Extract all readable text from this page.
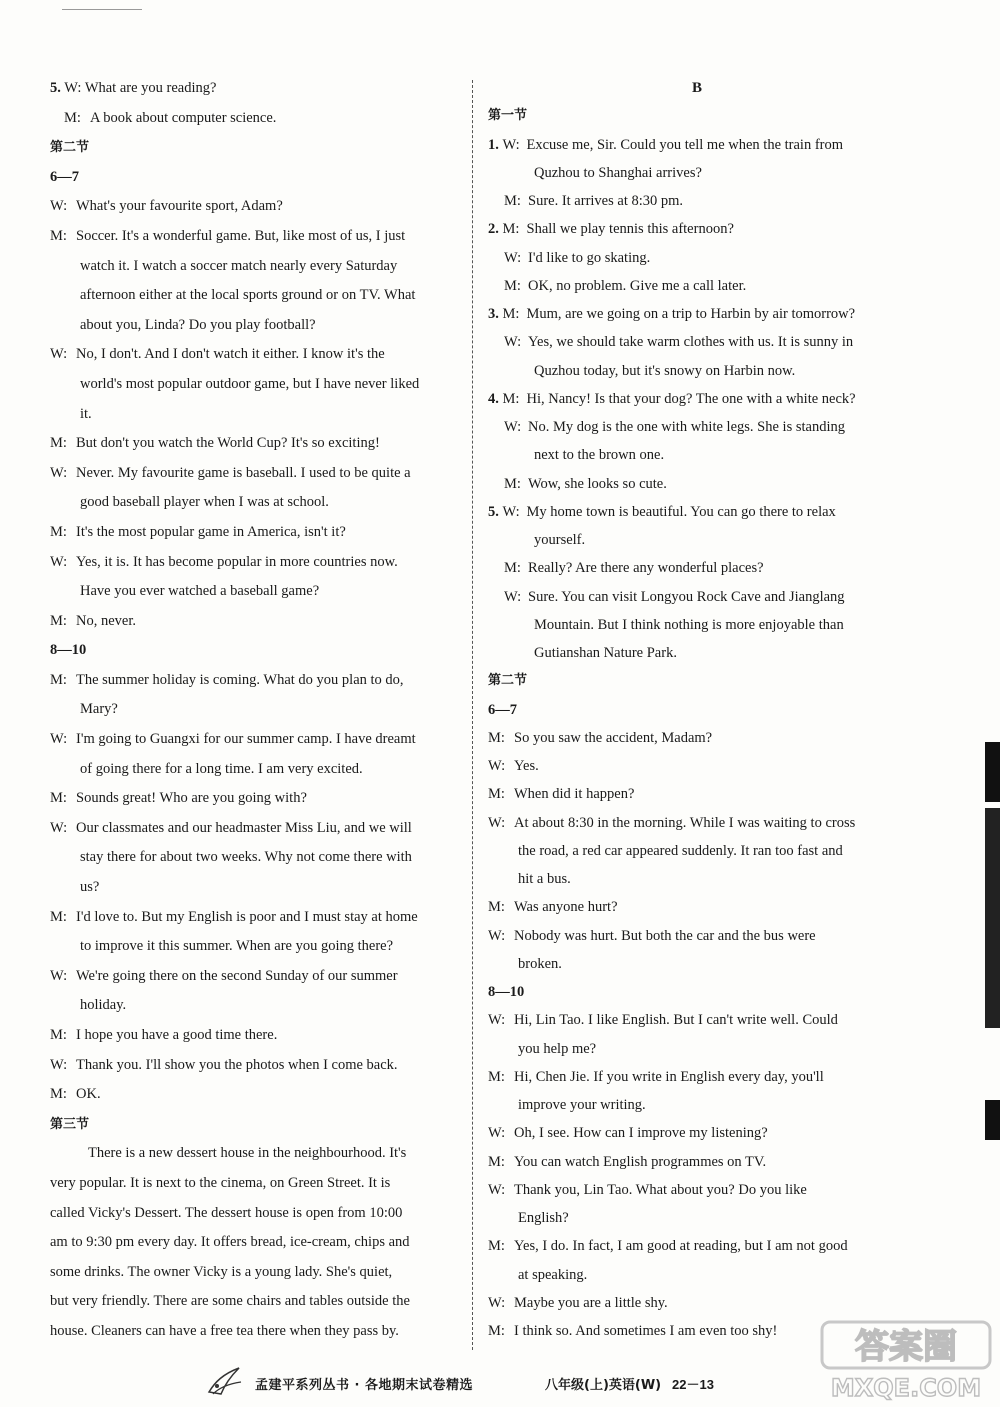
5. W: What are you reading?
M: A book about computer science.
第二节
6—7
W: What's your favourite sport, Adam?
M: Soccer. It's a wonderful game. But, like most of us, I just
watch it. I watch a soccer match nearly every Saturday
afternoon either at the local sports ground or on TV. What
about you, Linda? Do you play football?
W: No, I don't. And I don't watch it either. I know it's the
world's most popular outdoor game, but I have never liked
it.
M: But don't you watch the World Cup? It's so exciting!
W: Never. My favourite game is baseball. I used to be quite a
good baseball player when I was at school.
M: It's the most popular game in America, isn't it?
W: Yes, it is. It has become popular in more countries now.
Have you ever watched a baseball game?
M: No, never.
8—10
M: The summer holiday is coming. What do you plan to do,
Mary?
W: I'm going to Guangxi for our summer camp. I have dreamt
of going there for a long time. I am very excited.
M: Sounds great! Who are you going with?
W: Our classmates and our headmaster Miss Liu, and we will
stay there for about two weeks. Why not come there with
us?
M: I'd love to. But my English is poor and I must stay at home
to improve it this summer. When are you going there?
W: We're going there on the second Sunday of our summer
holiday.
M: I hope you have a good time there.
W: Thank you. I'll show you the photos when I come back.
M: OK.
第三节
There is a new dessert house in the neighbourhood. It's
very popular. It is next to the cinema, on Green Street. It is
called Vicky's Dessert. The dessert house is open from 10:00
am to 9:30 pm every day. It offers bread, ice-cream, chips and
some drinks. The owner Vicky is a young lady. She's quiet,
but very friendly. There are some chairs and tables outside the
house. Cleaners can have a free tea there when they pass by.
B
第一节
1. W: Excuse me, Sir. Could you tell me when the train from
Quzhou to Shanghai arrives?
M: Sure. It arrives at 8:30 pm.
2. M: Shall we play tennis this afternoon?
W: I'd like to go skating.
M: OK, no problem. Give me a call later.
3. M: Mum, are we going on a trip to Harbin by air tomorrow?
W: Yes, we should take warm clothes with us. It is sunny in
Quzhou today, but it's snowy on Harbin now.
4. M: Hi, Nancy! Is that your dog? The one with a white neck?
W: No. My dog is the one with white legs. She is standing
next to the brown one.
M: Wow, she looks so cute.
5. W: My home town is beautiful. You can go there to relax
yourself.
M: Really? Are there any wonderful places?
W: Sure. You can visit Longyou Rock Cave and Jianglang
Mountain. But I think nothing is more enjoyable than
Gutianshan Nature Park.
第二节
6—7
M: So you saw the accident, Madam?
W: Yes.
M: When did it happen?
W: At about 8:30 in the morning. While I was waiting to cross
the road, a red car appeared suddenly. It ran too fast and
hit a bus.
M: Was anyone hurt?
W: Nobody was hurt. But both the car and the bus were
broken.
8—10
W: Hi, Lin Tao. I like English. But I can't write well. Could
you help me?
M: Hi, Chen Jie. If you write in English every day, you'll
improve your writing.
W: Oh, I see. How can I improve my listening?
M: You can watch English programmes on TV.
W: Thank you, Lin Tao. What about you? Do you like
English?
M: Yes, I do. In fact, I am good at reading, but I am not good
at speaking.
W: Maybe you are a little shy.
M: I think so. And sometimes I am even too shy!
孟建平系列丛书 · 各地期末试卷精选	八年级(上)英语(W) 22－13
答案圈
MXQE.COM
